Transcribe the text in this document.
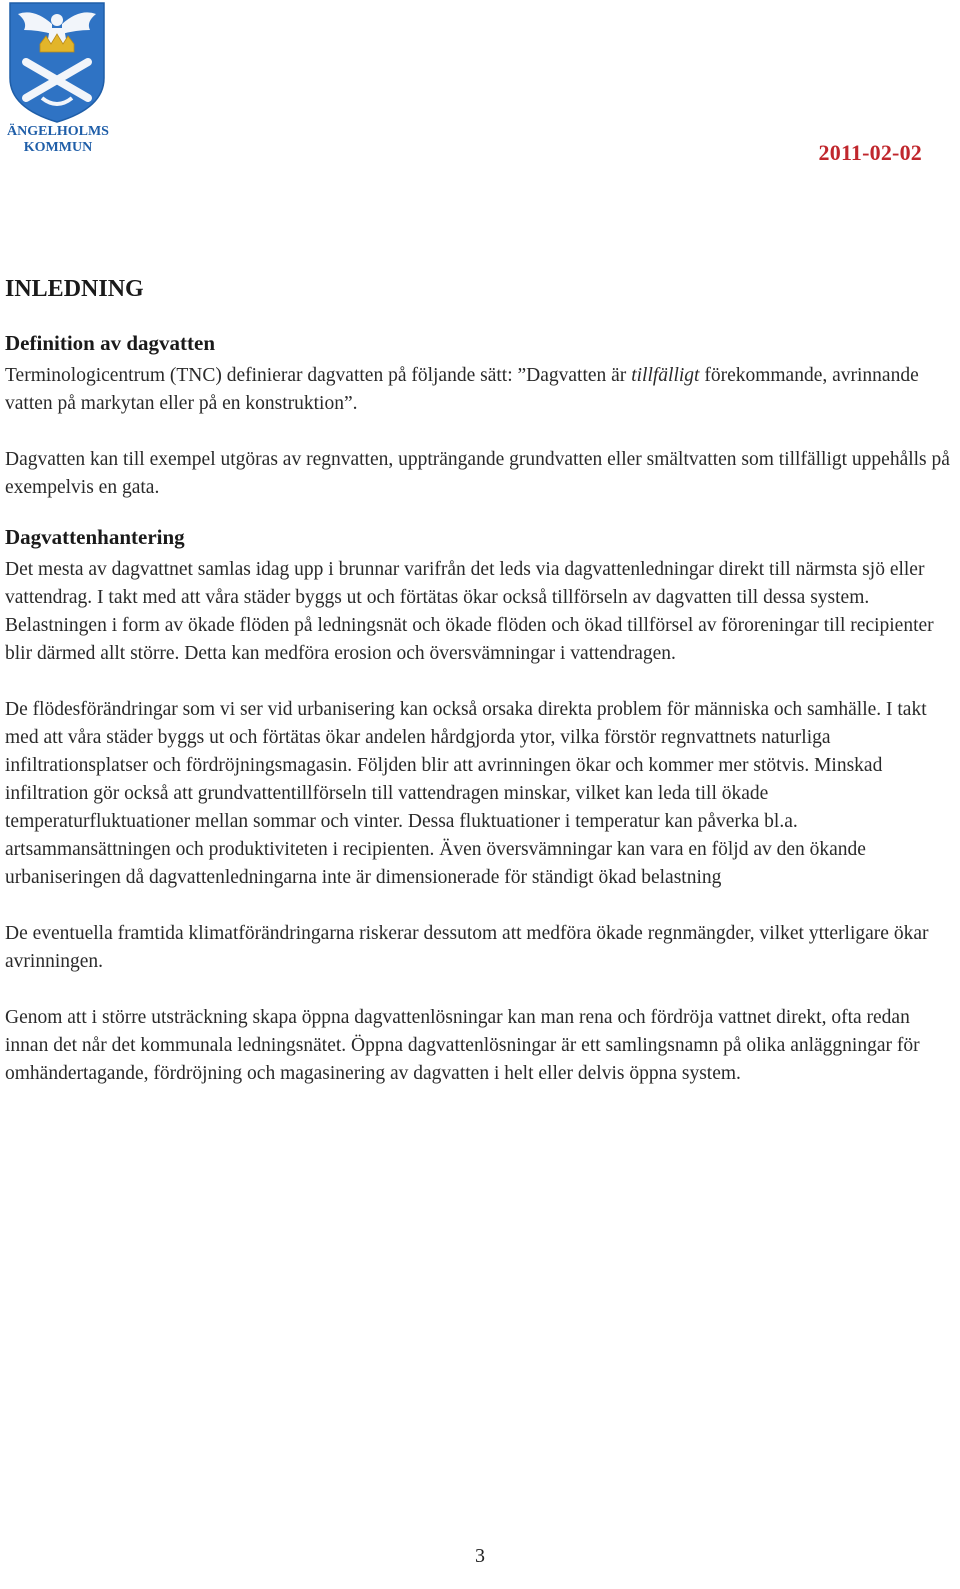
ÄNGELHOLMS
KOMMUN	2011-02-02
INLEDNING
Definition av dagvatten

Terminologicentrum (TNC) definierar dagvatten på följande sätt: ”Dagvatten är tillfälligt förekommande, avrinnande vatten på markytan eller på en konstruktion”.

Dagvatten kan till exempel utgöras av regnvatten, uppträngande grundvatten eller smältvatten som tillfälligt uppehålls på exempelvis en gata.

Dagvattenhantering

Det mesta av dagvattnet samlas idag upp i brunnar varifrån det leds via dagvattenledningar direkt till närmsta sjö eller vattendrag. I takt med att våra städer byggs ut och förtätas ökar också tillförseln av dagvatten till dessa system. Belastningen i form av ökade flöden på ledningsnät och ökade flöden och ökad tillförsel av föroreningar till recipienter blir därmed allt större. Detta kan medföra erosion och översvämningar i vattendragen.

De flödesförändringar som vi ser vid urbanisering kan också orsaka direkta problem för människa och samhälle. I takt med att våra städer byggs ut och förtätas ökar andelen hårdgjorda ytor, vilka förstör regnvattnets naturliga infiltrationsplatser och fördröjningsmagasin. Följden blir att avrinningen ökar och kommer mer stötvis. Minskad infiltration gör också att grundvattentillförseln till vattendragen minskar, vilket kan leda till ökade temperaturfluktuationer mellan sommar och vinter. Dessa fluktuationer i temperatur kan påverka bl.a. artsammansättningen och produktiviteten i recipienten. Även översvämningar kan vara en följd av den ökande urbaniseringen då dagvattenledningarna inte är dimensionerade för ständigt ökad belastning

De eventuella framtida klimatförändringarna riskerar dessutom att medföra ökade regnmängder, vilket ytterligare ökar avrinningen.

Genom att i större utsträckning skapa öppna dagvattenlösningar kan man rena och fördröja vattnet direkt, ofta redan innan det når det kommunala ledningsnätet. Öppna dagvattenlösningar är ett samlingsnamn på olika anläggningar för omhändertagande, fördröjning och magasinering av dagvatten i helt eller delvis öppna system.

3
